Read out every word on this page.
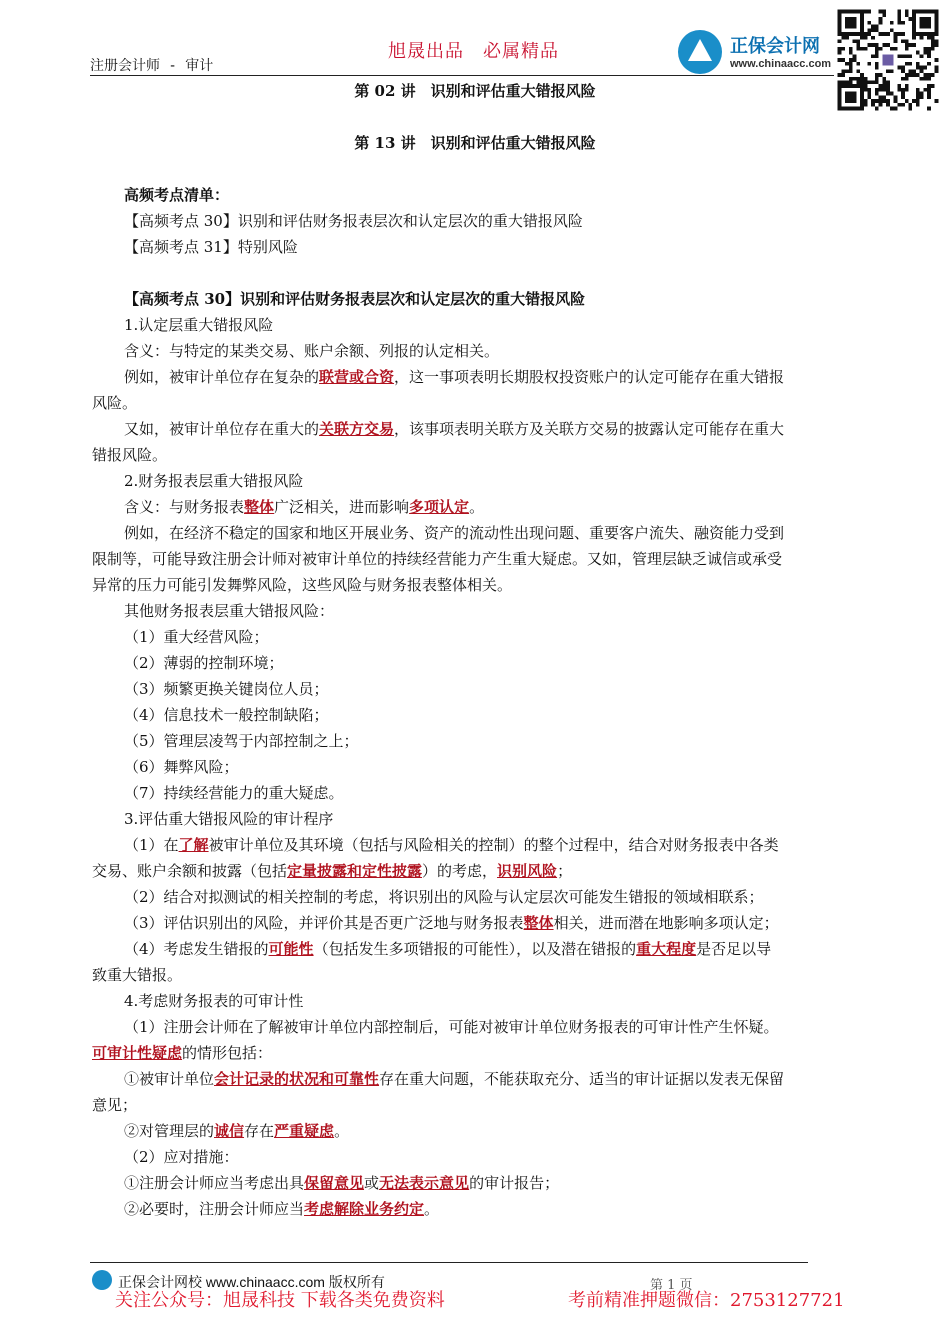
注册会计师 - 审计
旭晟出品　必属精品	正保会计网
www.chinaacc.com
第 02 讲　识别和评估重大错报风险
第 13 讲　识别和评估重大错报风险
高频考点清单：
【高频考点 30】识别和评估财务报表层次和认定层次的重大错报风险
【高频考点 31】特别风险
【高频考点 30】识别和评估财务报表层次和认定层次的重大错报风险
1.认定层重大错报风险
含义：与特定的某类交易、账户余额、列报的认定相关。
例如，被审计单位存在复杂的联营或合资，这一事项表明长期股权投资账户的认定可能存在重大错报
风险。
又如，被审计单位存在重大的关联方交易，该事项表明关联方及关联方交易的披露认定可能存在重大
错报风险。
2.财务报表层重大错报风险
含义：与财务报表整体广泛相关，进而影响多项认定。
例如，在经济不稳定的国家和地区开展业务、资产的流动性出现问题、重要客户流失、融资能力受到
限制等，可能导致注册会计师对被审计单位的持续经营能力产生重大疑虑。又如，管理层缺乏诚信或承受
异常的压力可能引发舞弊风险，这些风险与财务报表整体相关。
其他财务报表层重大错报风险：
（1）重大经营风险；
（2）薄弱的控制环境；
（3）频繁更换关键岗位人员；
（4）信息技术一般控制缺陷；
（5）管理层凌驾于内部控制之上；
（6）舞弊风险；
（7）持续经营能力的重大疑虑。
3.评估重大错报风险的审计程序
（1）在了解被审计单位及其环境（包括与风险相关的控制）的整个过程中，结合对财务报表中各类
交易、账户余额和披露（包括定量披露和定性披露）的考虑，识别风险；
（2）结合对拟测试的相关控制的考虑，将识别出的风险与认定层次可能发生错报的领域相联系；
（3）评估识别出的风险，并评价其是否更广泛地与财务报表整体相关，进而潜在地影响多项认定；
（4）考虑发生错报的可能性（包括发生多项错报的可能性），以及潜在错报的重大程度是否足以导
致重大错报。
4.考虑财务报表的可审计性
（1）注册会计师在了解被审计单位内部控制后，可能对被审计单位财务报表的可审计性产生怀疑。
可审计性疑虑的情形包括：
①被审计单位会计记录的状况和可靠性存在重大问题，不能获取充分、适当的审计证据以发表无保留
意见；
②对管理层的诚信存在严重疑虑。
（2）应对措施：
①注册会计师应当考虑出具保留意见或无法表示意见的审计报告；
②必要时，注册会计师应当考虑解除业务约定。
正保会计网校 www.chinaacc.com 版权所有	第 1 页
关注公众号：旭晟科技 下载各类免费资料	考前精准押题微信：2753127721
